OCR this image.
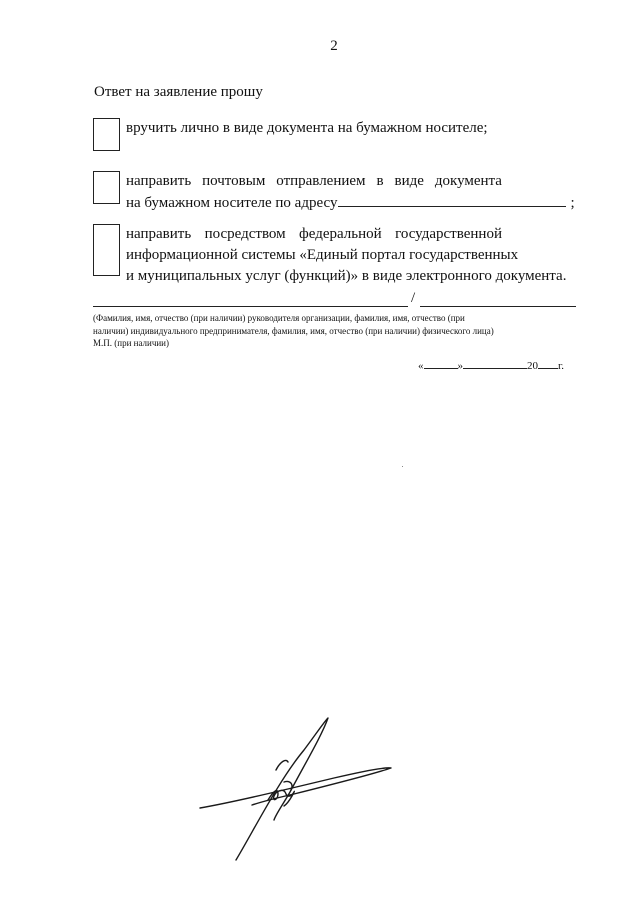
2
Ответ на заявление прошу
вручить лично в виде документа на бумажном носителе;
направить почтовым отправлением в виде документа
на бумажном носителе по адресу	;
направить посредством федеральной государственной
информационной системы «Единый портал государственных
и муниципальных услуг (функций)» в виде электронного документа.
/
(Фамилия, имя, отчество (при наличии) руководителя организации, фамилия, имя, отчество (при
наличии) индивидуального предпринимателя, фамилия, имя, отчество (при наличии) физического лица)
М.П. (при наличии)
«	»	20 г.
